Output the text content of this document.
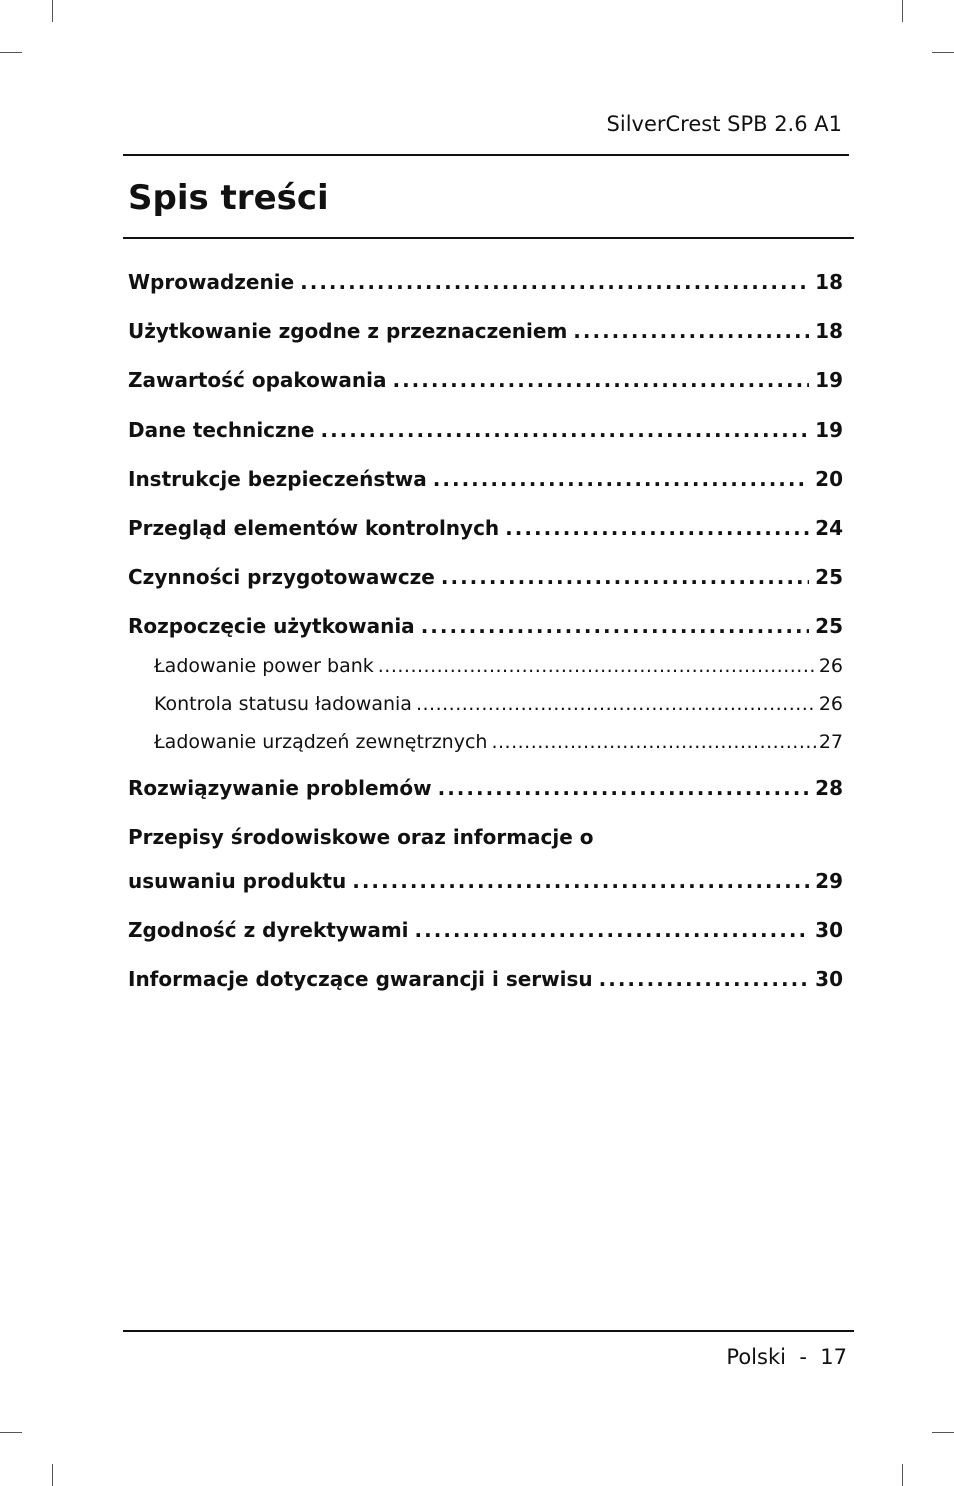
SilverCrest SPB 2.6 A1
Spis treści
Wprowadzenie .....	18
Użytkowanie zgodne z przeznaczeniem .....	18
Zawartość opakowania .....	19
Dane techniczne .....	19
Instrukcje bezpieczeństwa .....	20
Przegląd elementów kontrolnych .....	24
Czynności przygotowawcze .....	25
Rozpoczęcie użytkowania .....	25
Ładowanie power bank .....	26
Kontrola statusu ładowania .....	26
Ładowanie urządzeń zewnętrznych .....	27
Rozwiązywanie problemów .....	28
Przepisy środowiskowe oraz informacje o
usuwaniu produktu .....	29
Zgodność z dyrektywami .....	30
Informacje dotyczące gwarancji i serwisu .....	30
Polski - 17
